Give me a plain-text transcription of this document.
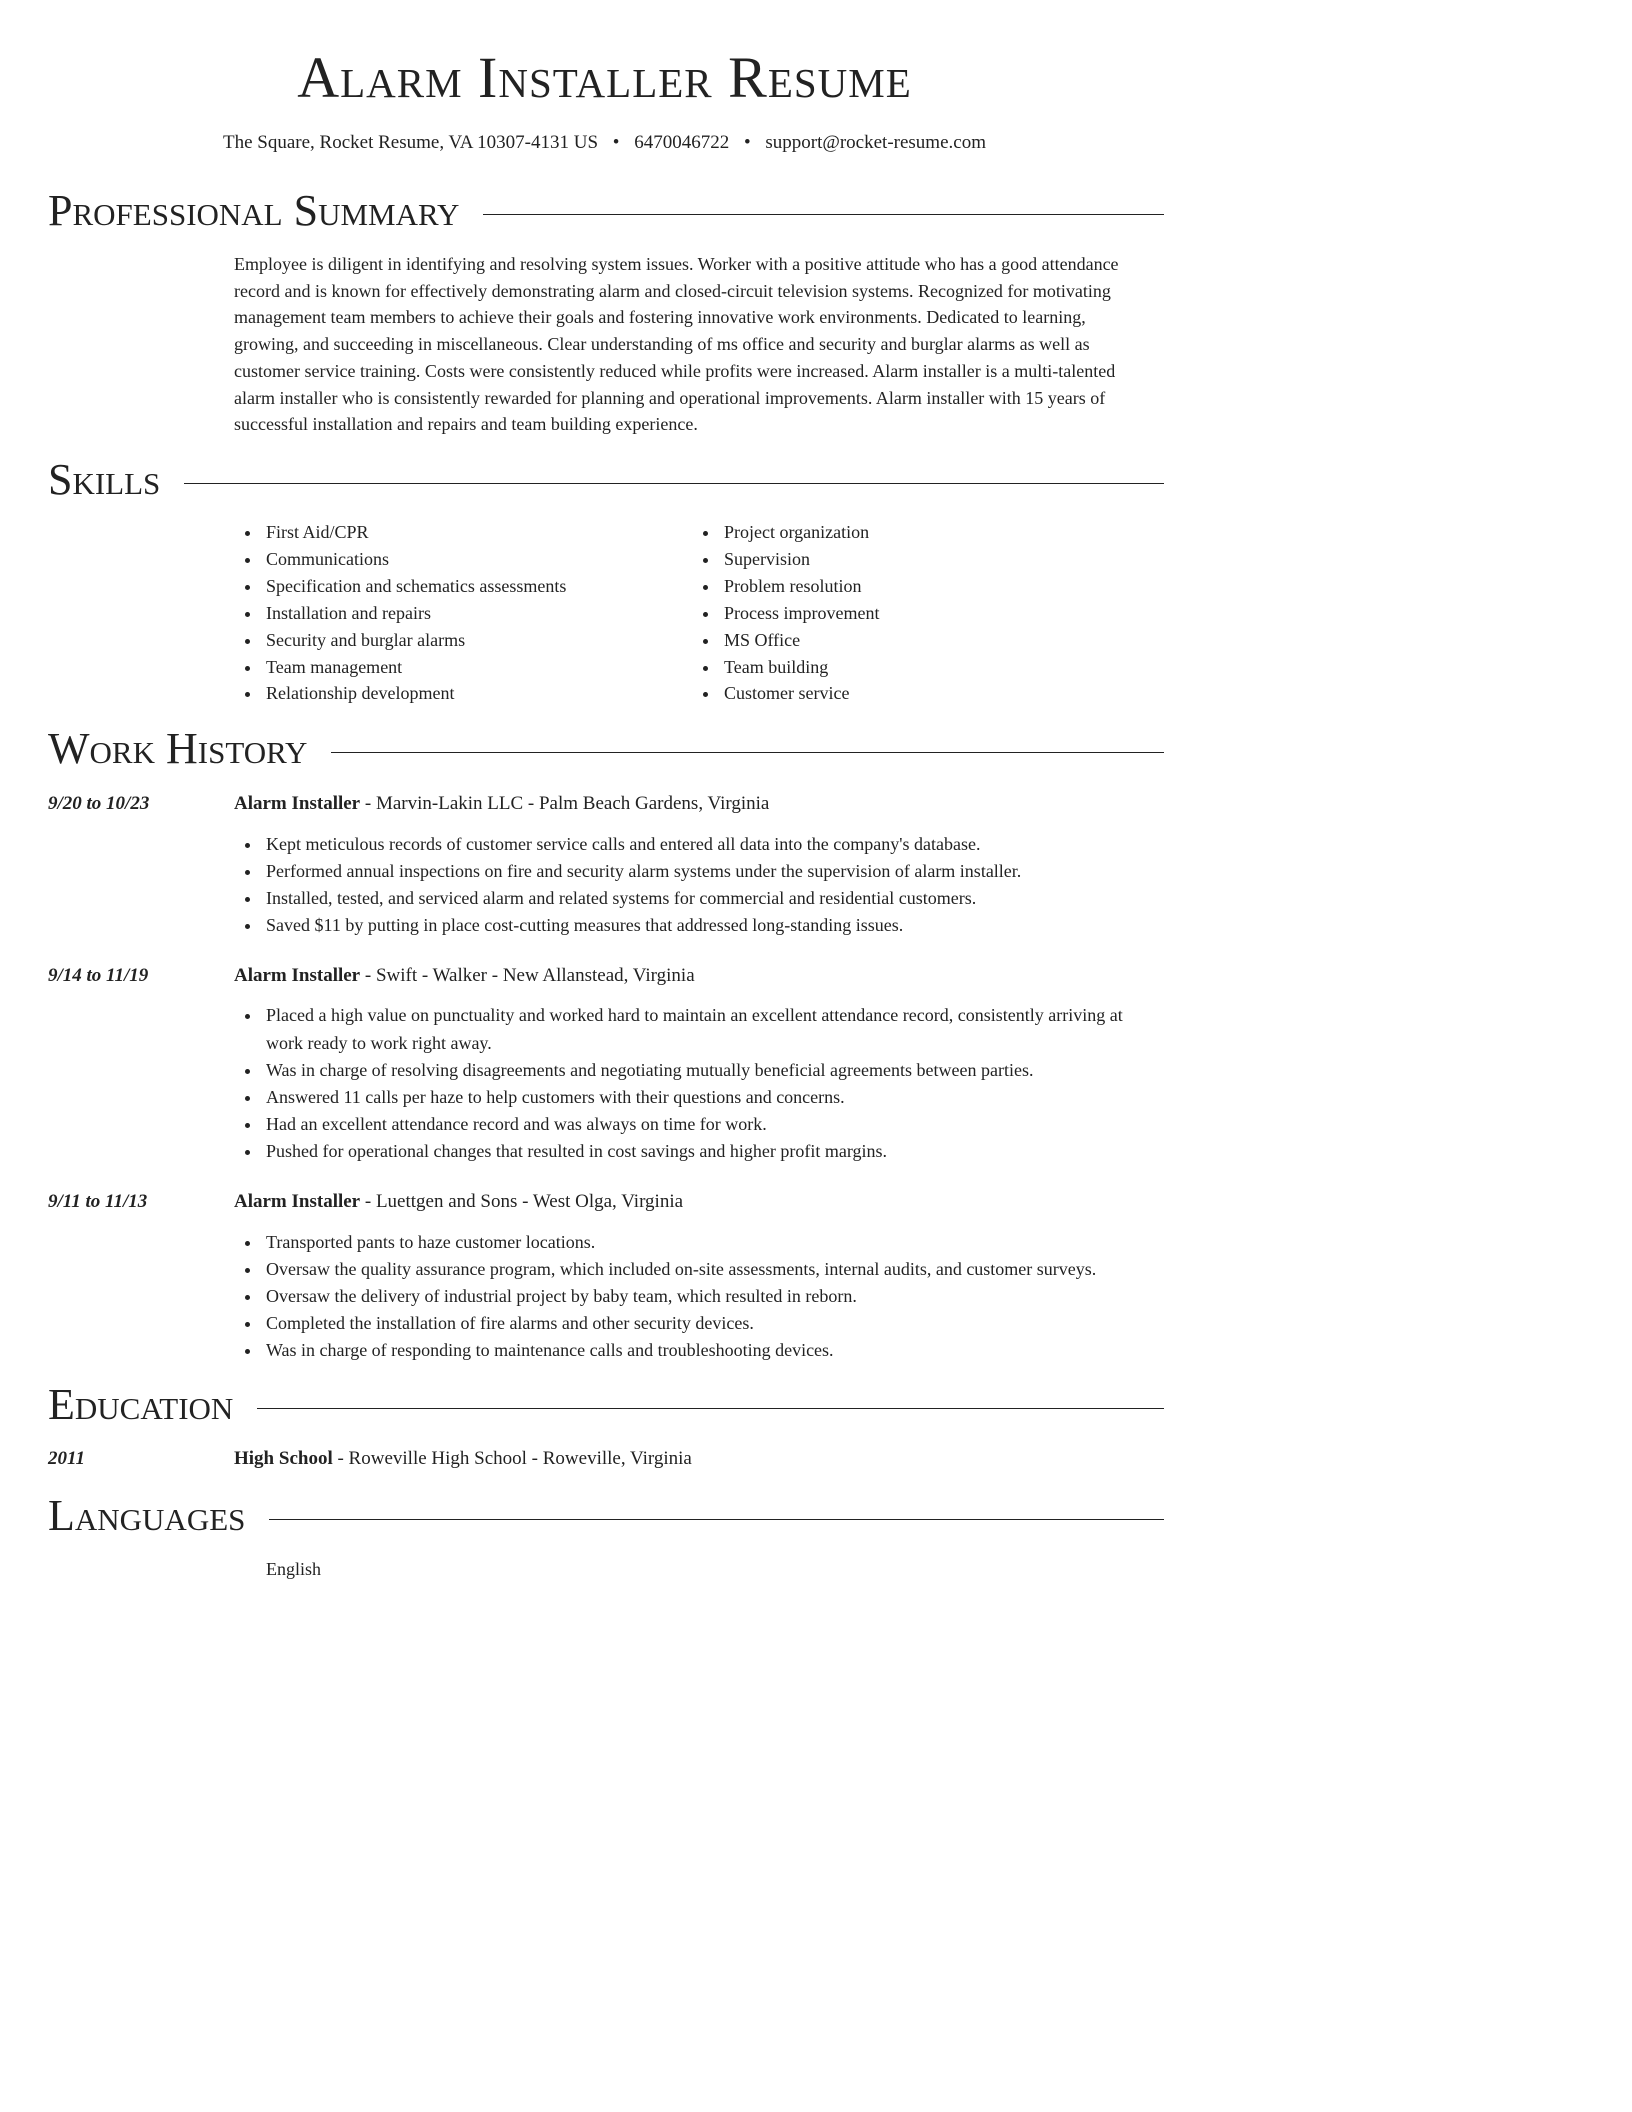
Alarm Installer Resume
The Square, Rocket Resume, VA 10307-4131 US • 6470046722 • support@rocket-resume.com
Professional Summary

Employee is diligent in identifying and resolving system issues. Worker with a positive attitude who has a good attendance record and is known for effectively demonstrating alarm and closed-circuit television systems. Recognized for motivating management team members to achieve their goals and fostering innovative work environments. Dedicated to learning, growing, and succeeding in miscellaneous. Clear understanding of ms office and security and burglar alarms as well as customer service training. Costs were consistently reduced while profits were increased. Alarm installer is a multi-talented alarm installer who is consistently rewarded for planning and operational improvements. Alarm installer with 15 years of successful installation and repairs and team building experience.

Skills
First Aid/CPR
Communications
Specification and schematics assessments
Installation and repairs
Security and burglar alarms
Team management
Relationship development
Project organization
Supervision
Problem resolution
Process improvement
MS Office
Team building
Customer service
Work History
9/20 to 10/23	Alarm Installer - Marvin-Lakin LLC - Palm Beach Gardens, Virginia
Kept meticulous records of customer service calls and entered all data into the company's database.
Performed annual inspections on fire and security alarm systems under the supervision of alarm installer.
Installed, tested, and serviced alarm and related systems for commercial and residential customers.
Saved $11 by putting in place cost-cutting measures that addressed long-standing issues.
9/14 to 11/19	Alarm Installer - Swift - Walker - New Allanstead, Virginia
Placed a high value on punctuality and worked hard to maintain an excellent attendance record, consistently arriving at work ready to work right away.
Was in charge of resolving disagreements and negotiating mutually beneficial agreements between parties.
Answered 11 calls per haze to help customers with their questions and concerns.
Had an excellent attendance record and was always on time for work.
Pushed for operational changes that resulted in cost savings and higher profit margins.
9/11 to 11/13	Alarm Installer - Luettgen and Sons - West Olga, Virginia
Transported pants to haze customer locations.
Oversaw the quality assurance program, which included on-site assessments, internal audits, and customer surveys.
Oversaw the delivery of industrial project by baby team, which resulted in reborn.
Completed the installation of fire alarms and other security devices.
Was in charge of responding to maintenance calls and troubleshooting devices.
Education
2011	High School - Roweville High School - Roweville, Virginia
Languages
English
